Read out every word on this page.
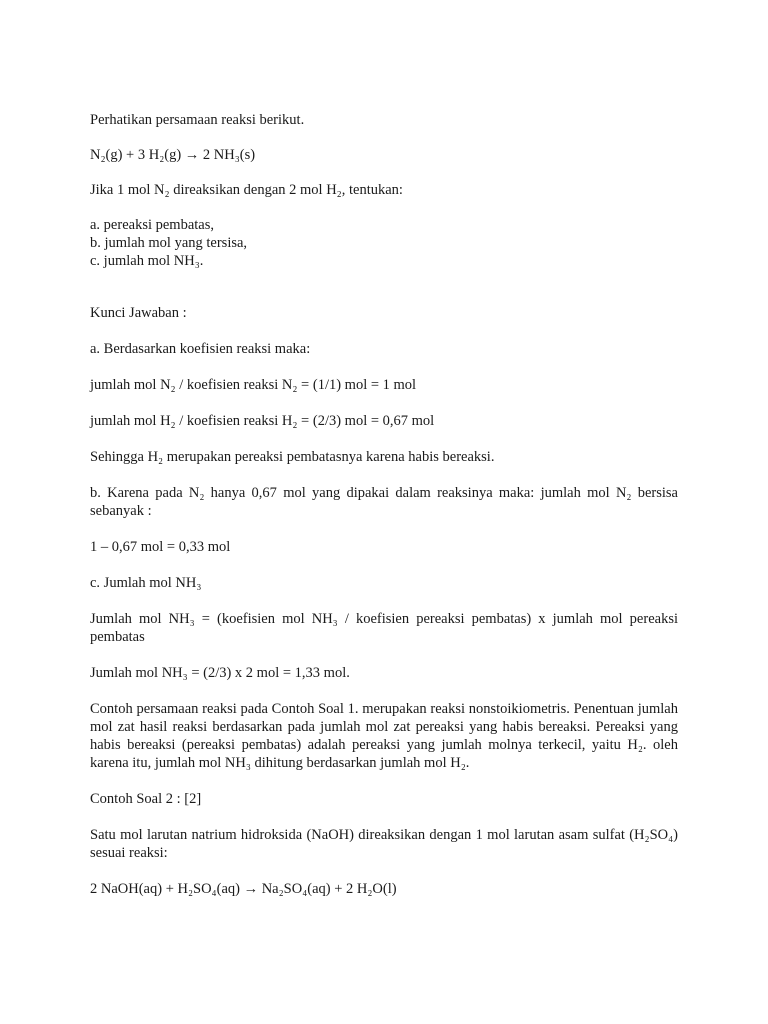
Perhatikan persamaan reaksi berikut.

N₂(g) + 3 H₂(g) → 2 NH₃(s)

Jika 1 mol N₂ direaksikan dengan 2 mol H₂, tentukan:

a. pereaksi pembatas,

b. jumlah mol yang tersisa,

c. jumlah mol NH₃.

Kunci Jawaban :

a. Berdasarkan koefisien reaksi maka:

jumlah mol N₂ / koefisien reaksi N₂ = (1/1) mol = 1 mol

jumlah mol H₂ / koefisien reaksi H₂ = (2/3) mol = 0,67 mol

Sehingga H₂ merupakan pereaksi pembatasnya karena habis bereaksi.

b. Karena pada N₂ hanya 0,67 mol yang dipakai dalam reaksinya maka: jumlah mol N₂ bersisa sebanyak :

1 – 0,67 mol = 0,33 mol

c. Jumlah mol NH₃

Jumlah mol NH₃ = (koefisien mol NH₃ / koefisien pereaksi pembatas) x jumlah mol pereaksi pembatas

Jumlah mol NH₃ = (2/3) x 2 mol = 1,33 mol.

Contoh persamaan reaksi pada Contoh Soal 1. merupakan reaksi nonstoikiometris. Penentuan jumlah mol zat hasil reaksi berdasarkan pada jumlah mol zat pereaksi yang habis bereaksi. Pereaksi yang habis bereaksi (pereaksi pembatas) adalah pereaksi yang jumlah molnya terkecil, yaitu H₂. oleh karena itu, jumlah mol NH₃ dihitung berdasarkan jumlah mol H₂.

Contoh Soal 2 : [2]

Satu mol larutan natrium hidroksida (NaOH) direaksikan dengan 1 mol larutan asam sulfat (H₂SO₄) sesuai reaksi:

2 NaOH(aq) + H₂SO₄(aq) → Na₂SO₄(aq) + 2 H₂O(l)
